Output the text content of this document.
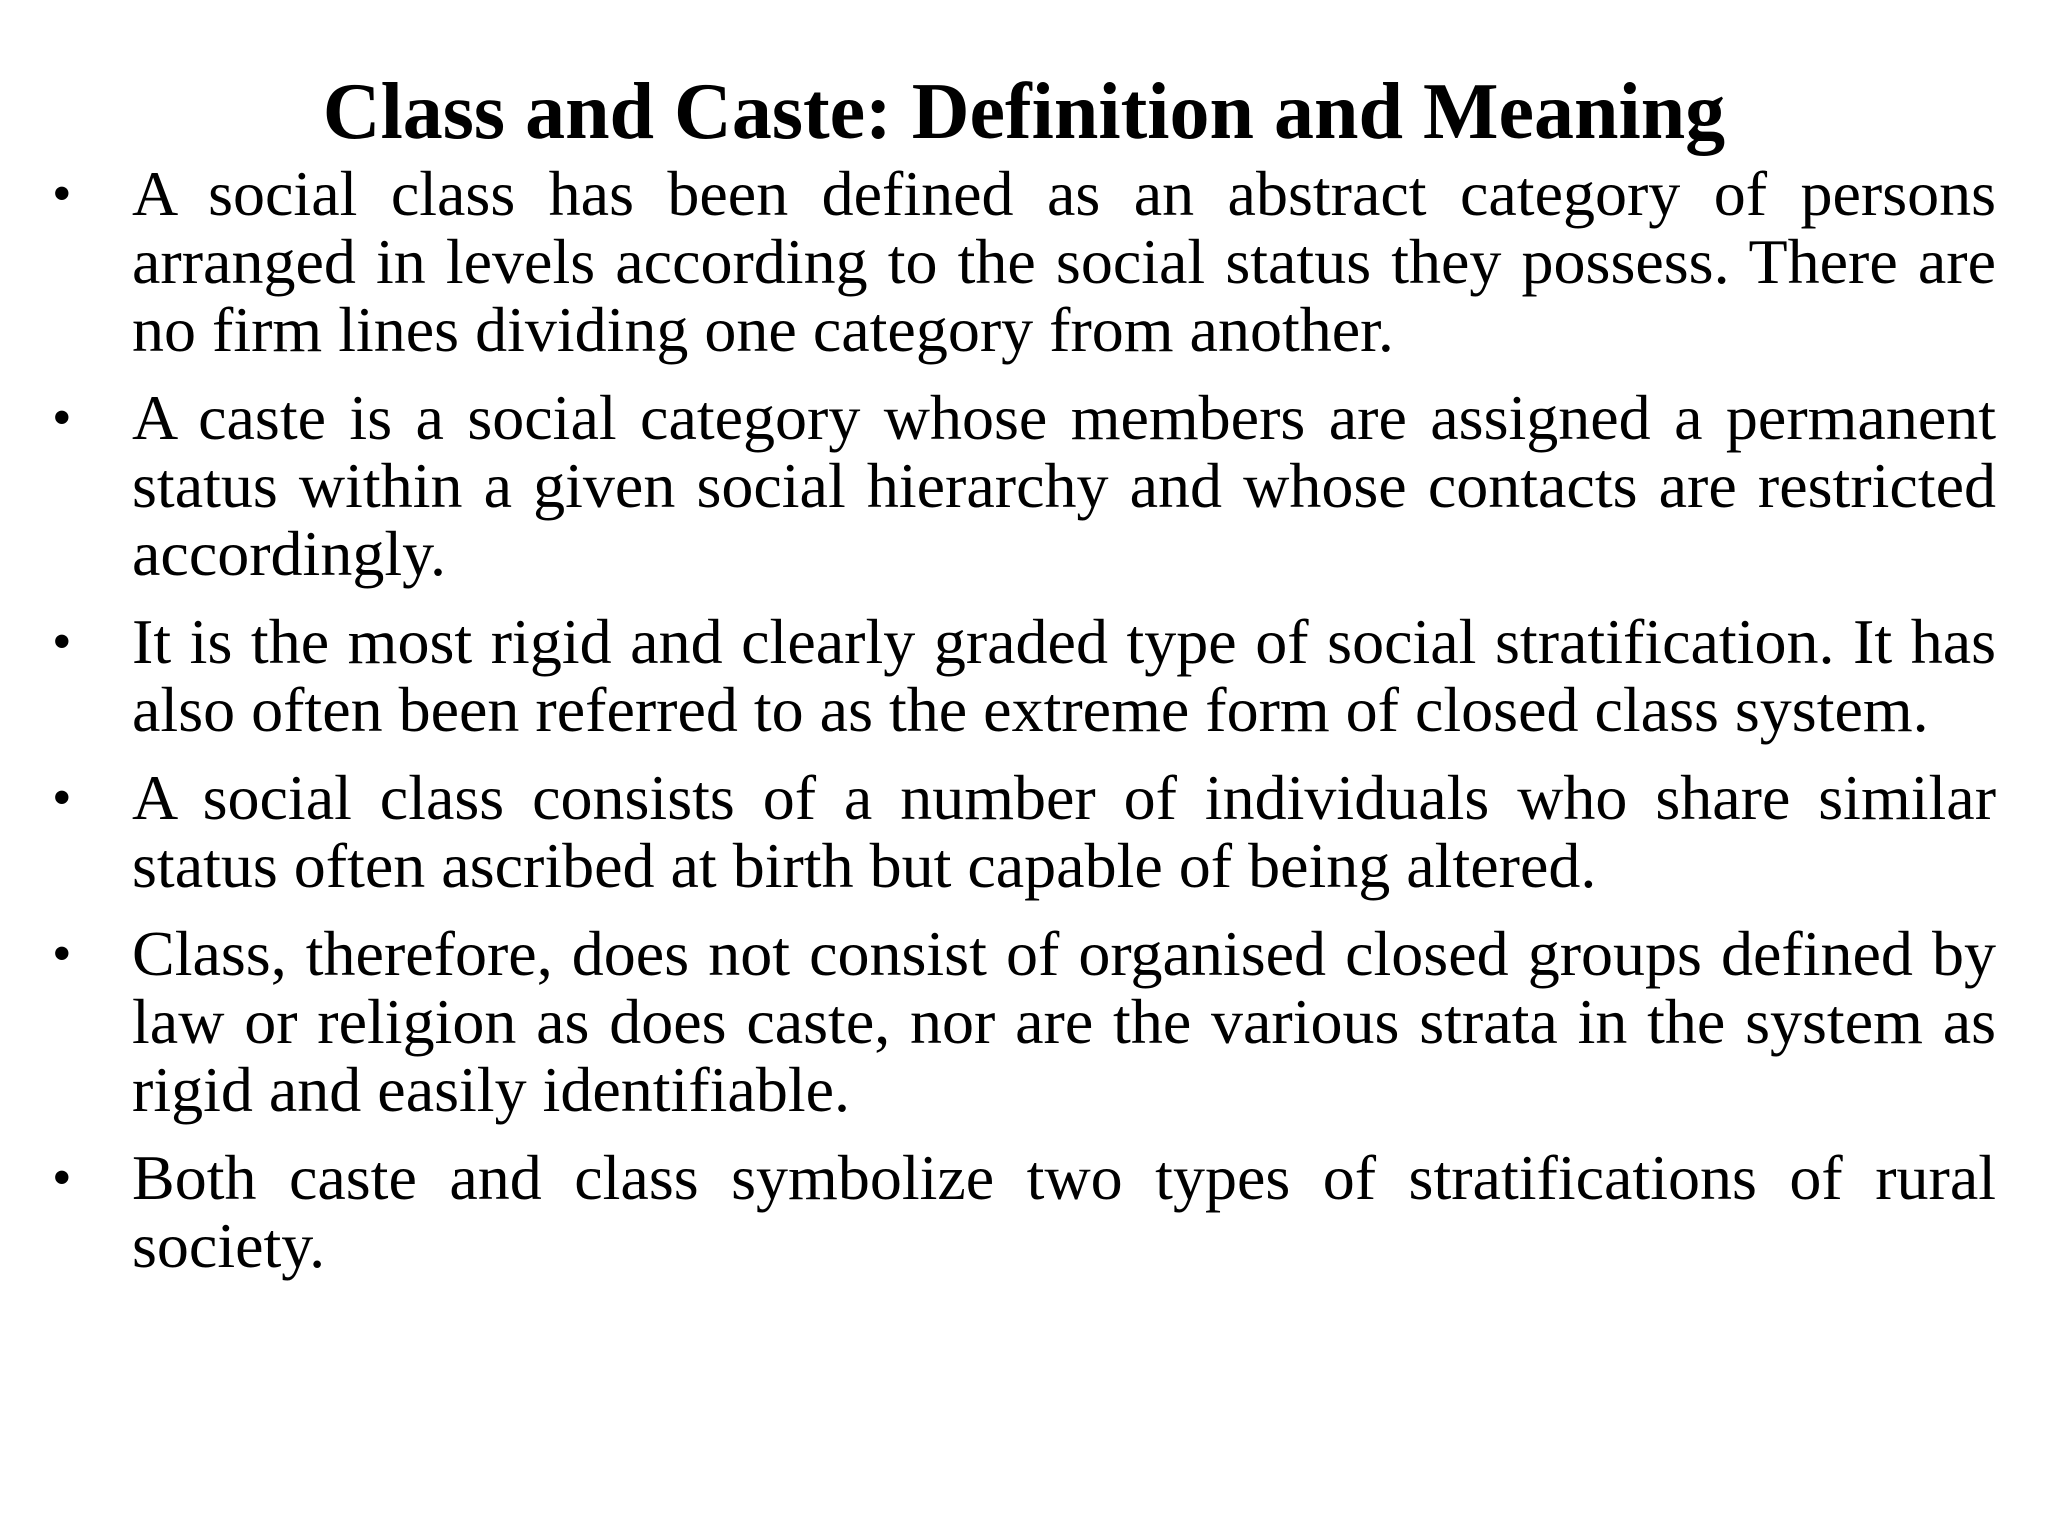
Class and Caste: Definition and Meaning
• A social class has been defined as an abstract category of persons arranged in levels according to the social status they possess. There are no firm lines dividing one category from another.
• A caste is a social category whose members are assigned a permanent status within a given social hierarchy and whose contacts are restricted accordingly.
• It is the most rigid and clearly graded type of social stratification. It has also often been referred to as the extreme form of closed class system.
• A social class consists of a number of individuals who share similar status often ascribed at birth but capable of being altered.
• Class, therefore, does not consist of organised closed groups defined by law or religion as does caste, nor are the various strata in the system as rigid and easily identifiable.
• Both caste and class symbolize two types of stratifications of rural society.
